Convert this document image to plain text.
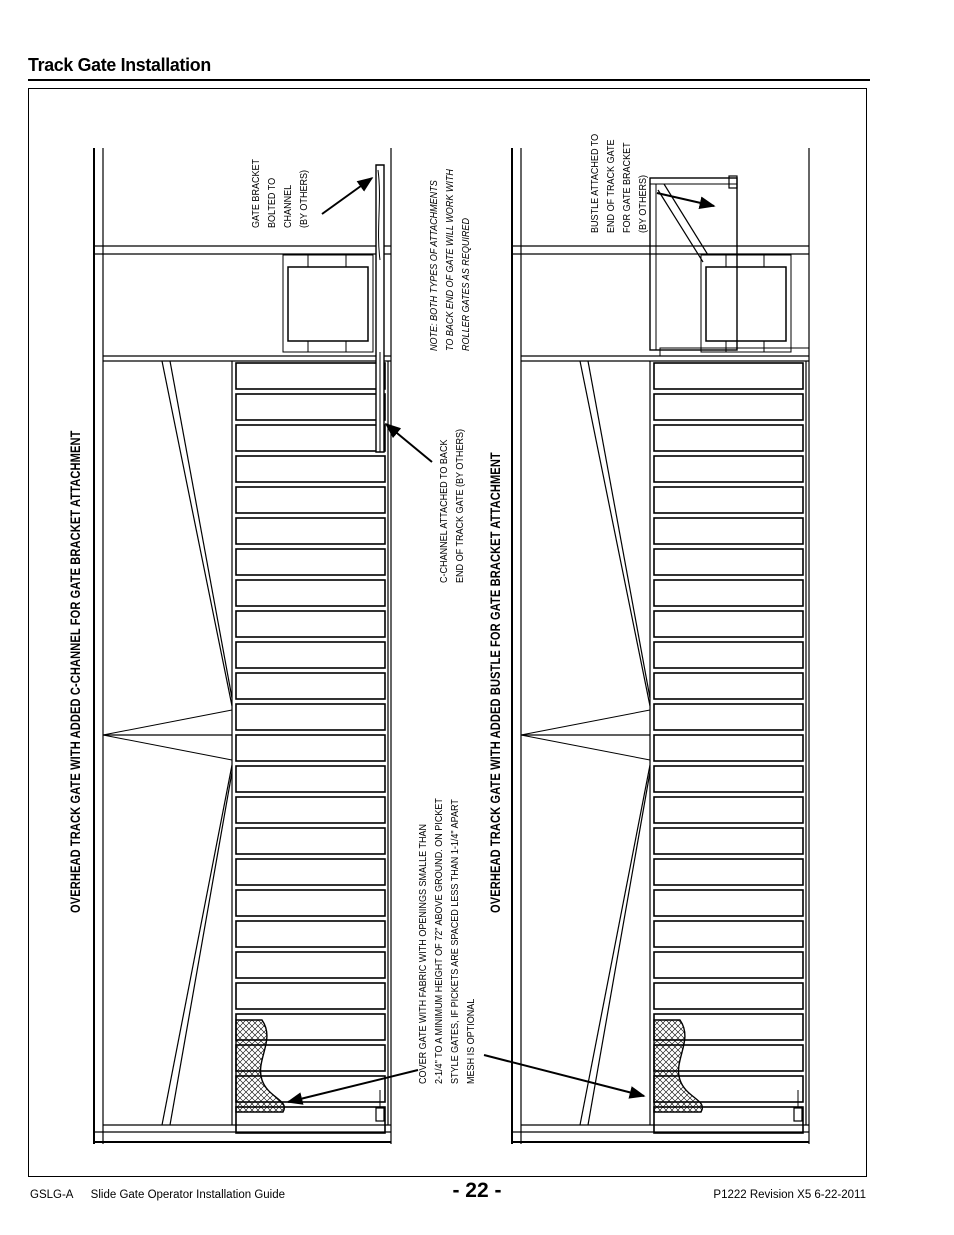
Track Gate Installation
OVERHEAD TRACK GATE WITH ADDED C-CHANNEL FOR GATE BRACKET ATTACHMENT	OVERHEAD TRACK GATE WITH ADDED BUSTLE FOR GATE BRACKET ATTACHMENT
GATE BRACKET BOLTED TO CHANNEL (BY OTHERS)	NOTE: BOTH TYPES OF ATTACHMENTS TO BACK END OF GATE WILL WORK WITH ROLLER GATES AS REQUIRED
C-CHANNEL ATTACHED TO BACK END OF TRACK GATE (BY OTHERS)
COVER GATE WITH FABRIC WITH OPENINGS SMALLE THAN 2-1/4" TO A MINIMUM HEIGHT OF 72" ABOVE GROUND. ON PICKET STYLE GATES, IF PICKETS ARE SPACED LESS THAN 1-1/4" APART MESH IS OPTIONAL
BUSTLE ATTACHED TO END OF TRACK GATE FOR GATE BRACKET (BY OTHERS)
GSLG-A Slide Gate Operator Installation Guide	- 22 -	P1222 Revision X5 6-22-2011
